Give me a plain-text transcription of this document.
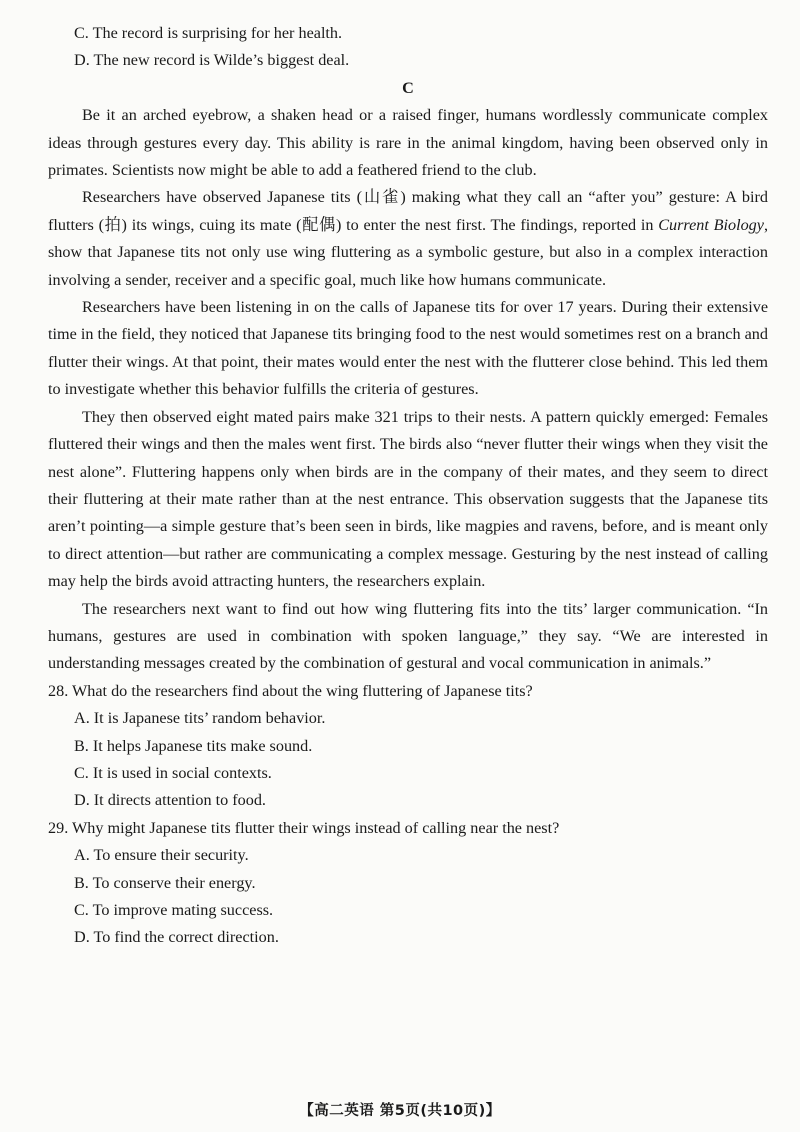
C. The record is surprising for her health.

D. The new record is Wilde’s biggest deal.

C

Be it an arched eyebrow, a shaken head or a raised finger, humans wordlessly communicate complex ideas through gestures every day. This ability is rare in the animal kingdom, having been observed only in primates. Scientists now might be able to add a feathered friend to the club.

Researchers have observed Japanese tits (山雀) making what they call an “after you” gesture: A bird flutters (拍) its wings, cuing its mate (配偶) to enter the nest first. The findings, reported in Current Biology, show that Japanese tits not only use wing fluttering as a symbolic gesture, but also in a complex interaction involving a sender, receiver and a specific goal, much like how humans communicate.

Researchers have been listening in on the calls of Japanese tits for over 17 years. During their extensive time in the field, they noticed that Japanese tits bringing food to the nest would sometimes rest on a branch and flutter their wings. At that point, their mates would enter the nest with the flutterer close behind. This led them to investigate whether this behavior fulfills the criteria of gestures.

They then observed eight mated pairs make 321 trips to their nests. A pattern quickly emerged: Females fluttered their wings and then the males went first. The birds also “never flutter their wings when they visit the nest alone”. Fluttering happens only when birds are in the company of their mates, and they seem to direct their fluttering at their mate rather than at the nest entrance. This observation suggests that the Japanese tits aren’t pointing—a simple gesture that’s been seen in birds, like magpies and ravens, before, and is meant only to direct attention—but rather are communicating a complex message. Gesturing by the nest instead of calling may help the birds avoid attracting hunters, the researchers explain.

The researchers next want to find out how wing fluttering fits into the tits’ larger communication. “In humans, gestures are used in combination with spoken language,” they say. “We are interested in understanding messages created by the combination of gestural and vocal communication in animals.”

28. What do the researchers find about the wing fluttering of Japanese tits?

A. It is Japanese tits’ random behavior.

B. It helps Japanese tits make sound.

C. It is used in social contexts.

D. It directs attention to food.

29. Why might Japanese tits flutter their wings instead of calling near the nest?

A. To ensure their security.

B. To conserve their energy.

C. To improve mating success.

D. To find the correct direction.

【高二英语 第5页(共10页)】
